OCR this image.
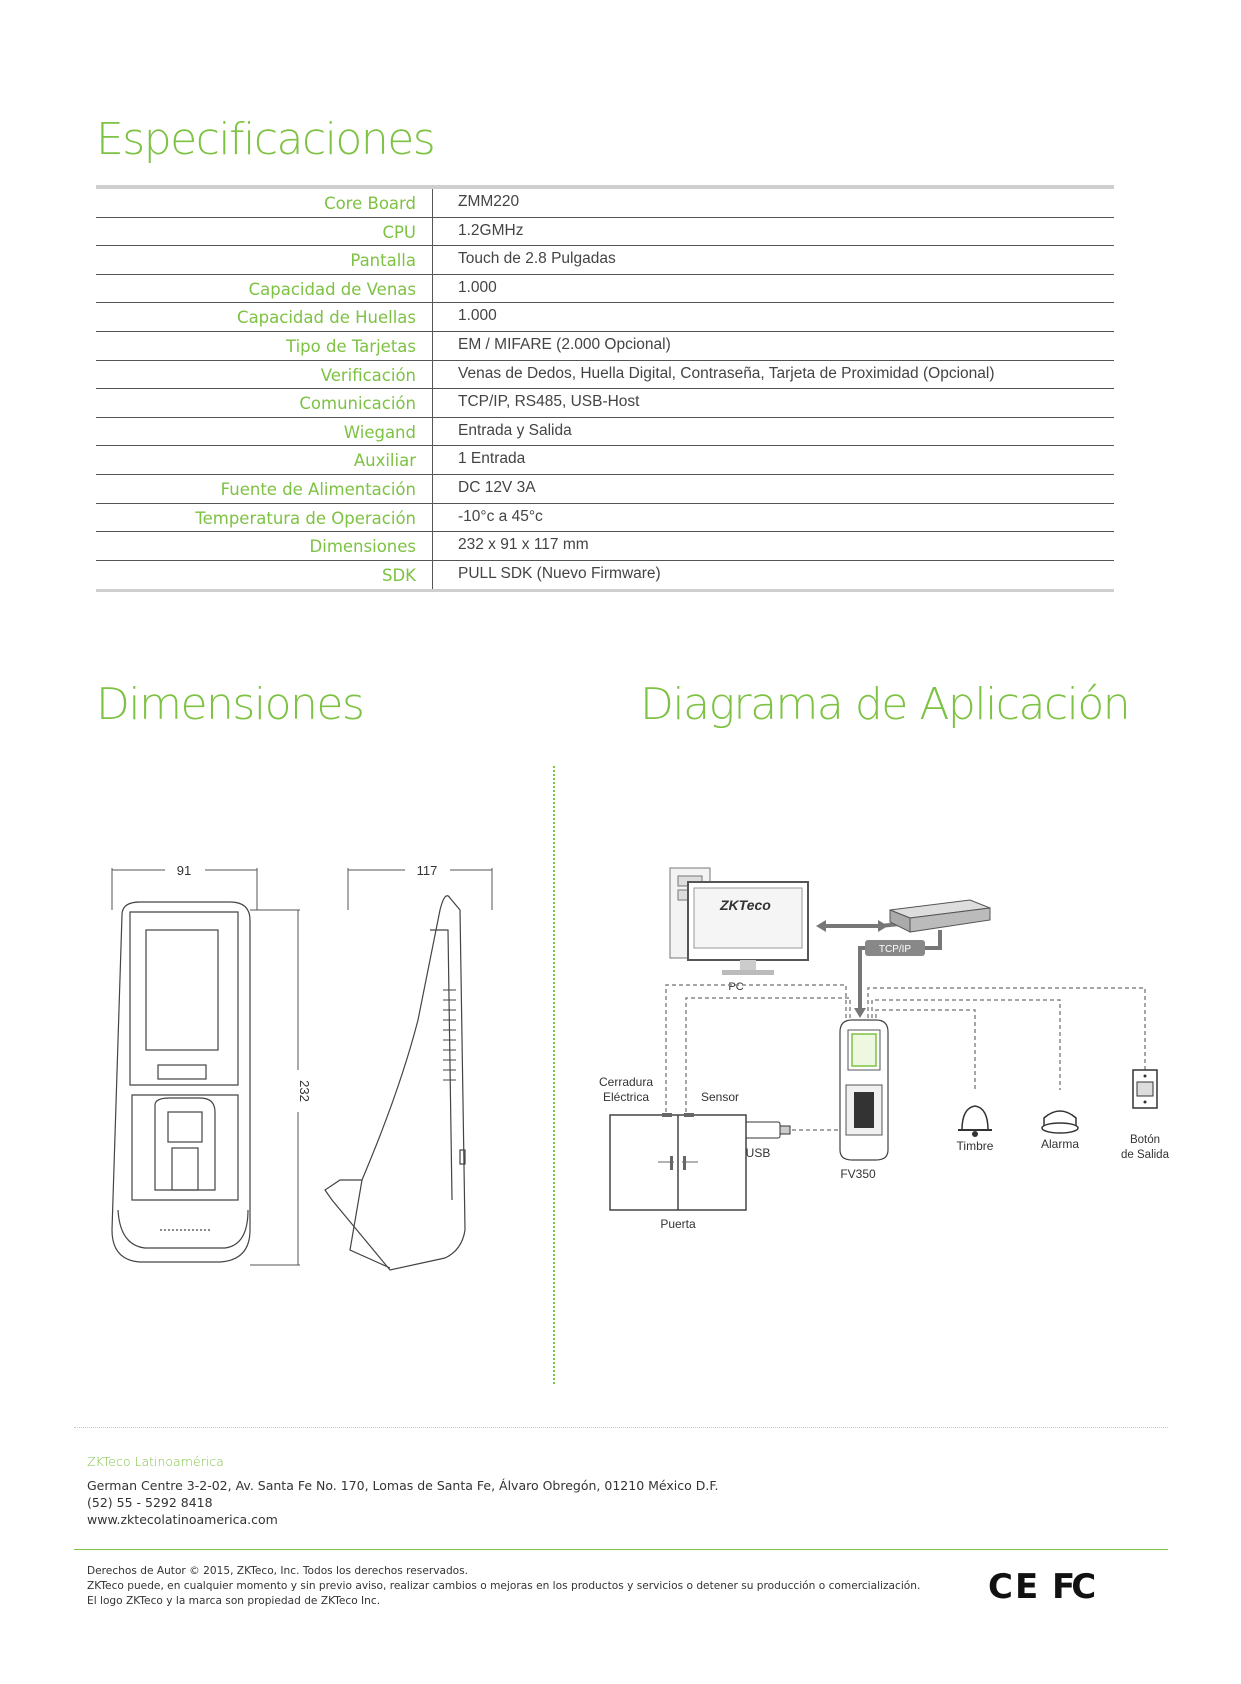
Especificaciones
Core Board	ZMM220
CPU	1.2GMHz
Pantalla	Touch de 2.8 Pulgadas
Capacidad de Venas	1.000
Capacidad de Huellas	1.000
Tipo de Tarjetas	EM / MIFARE (2.000 Opcional)
Verificación	Venas de Dedos, Huella Digital, Contraseña, Tarjeta de Proximidad (Opcional)
Comunicación	TCP/IP, RS485, USB-Host
Wiegand	Entrada y Salida
Auxiliar	1 Entrada
Fuente de Alimentación	DC 12V 3A
Temperatura de Operación	-10°c a 45°c
Dimensiones	232 x 91 x 117 mm
SDK	PULL SDK (Nuevo Firmware)
Dimensiones	Diagrama de Aplicación
91	117
232
ZKTeco
PC
TCP/IP
FV350
USB
Cerradura
Eléctrica	Sensor
Puerta
Timbre	Alarma	Botón
de Salida
ZKTeco Latinoamérica
German Centre 3-2-02, Av. Santa Fe No. 170, Lomas de Santa Fe, Álvaro Obregón, 01210 México D.F.
(52) 55 - 5292 8418
www.zktecolatinoamerica.com
Derechos de Autor © 2015, ZKTeco, Inc. Todos los derechos reservados.
ZKTeco puede, en cualquier momento y sin previo aviso, realizar cambios o mejoras en los productos y servicios o detener su producción o comercialización.
El logo ZKTeco y la marca son propiedad de ZKTeco Inc.	CE FC
